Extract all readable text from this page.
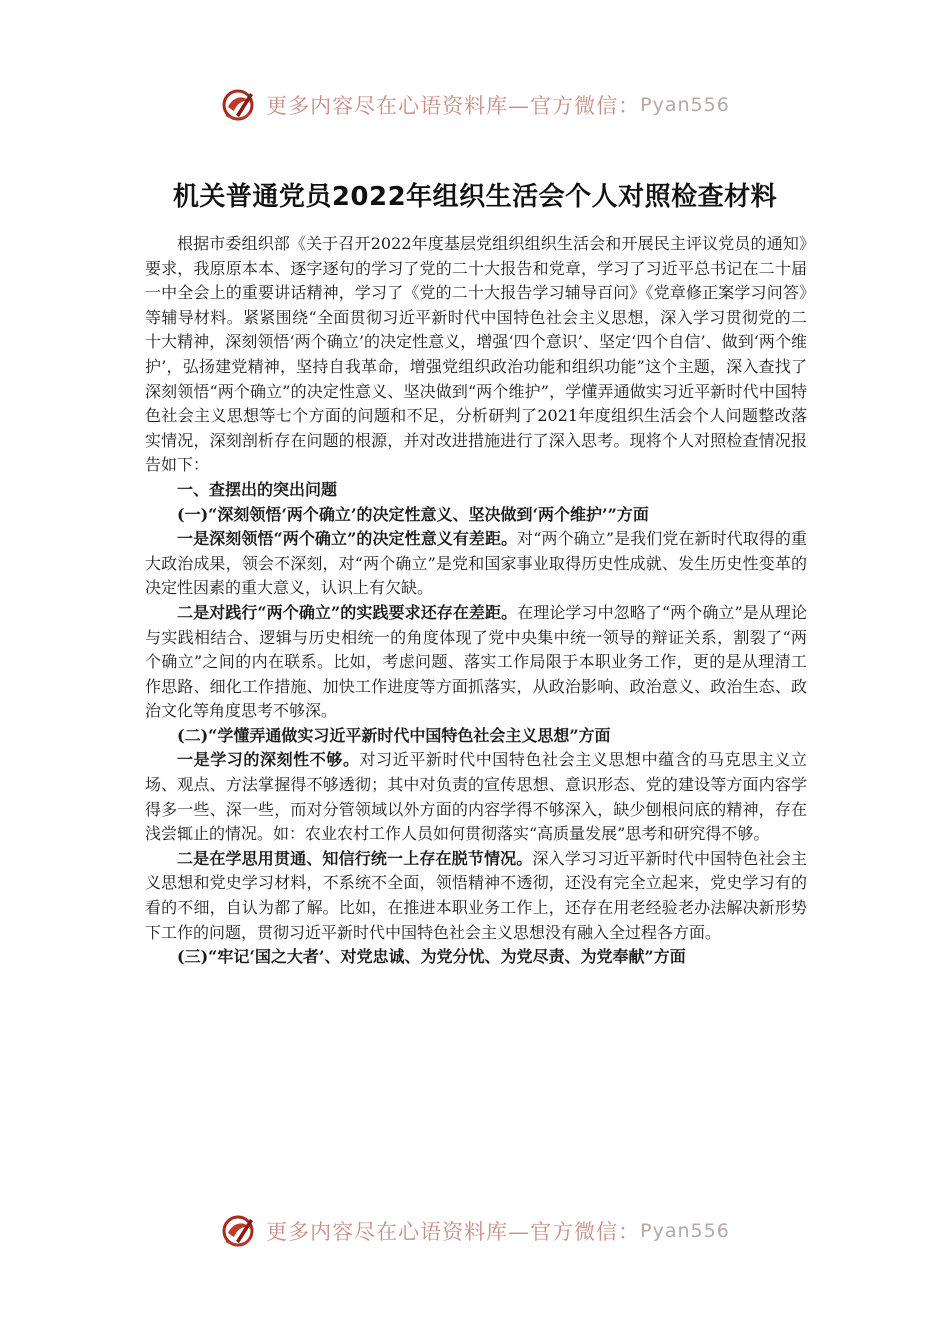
更多内容尽在心语资料库—官方微信： Pyan556
机关普通党员2022年组织生活会个人对照检查材料

根据市委组织部《关于召开2022年度基层党组织组织生活会和开展民主评议党员的通知》要求，我原原本本、逐字逐句的学习了党的二十大报告和党章，学习了习近平总书记在二十届一中全会上的重要讲话精神，学习了《党的二十大报告学习辅导百问》《党章修正案学习问答》等辅导材料。紧紧围绕“全面贯彻习近平新时代中国特色社会主义思想，深入学习贯彻党的二十大精神，深刻领悟‘两个确立’的决定性意义，增强‘四个意识’、坚定‘四个自信’、做到‘两个维护’，弘扬建党精神，坚持自我革命，增强党组织政治功能和组织功能”这个主题，深入查找了深刻领悟“两个确立”的决定性意义、坚决做到“两个维护”，学懂弄通做实习近平新时代中国特色社会主义思想等七个方面的问题和不足，分析研判了2021年度组织生活会个人问题整改落实情况，深刻剖析存在问题的根源，并对改进措施进行了深入思考。现将个人对照检查情况报告如下：

一、查摆出的突出问题

(一)“深刻领悟‘两个确立’的决定性意义、坚决做到‘两个维护’”方面

一是深刻领悟“两个确立”的决定性意义有差距。对“两个确立”是我们党在新时代取得的重大政治成果，领会不深刻，对“两个确立”是党和国家事业取得历史性成就、发生历史性变革的决定性因素的重大意义，认识上有欠缺。

二是对践行“两个确立”的实践要求还存在差距。在理论学习中忽略了“两个确立”是从理论与实践相结合、逻辑与历史相统一的角度体现了党中央集中统一领导的辩证关系，割裂了“两个确立”之间的内在联系。比如，考虑问题、落实工作局限于本职业务工作，更的是从理清工作思路、细化工作措施、加快工作进度等方面抓落实，从政治影响、政治意义、政治生态、政治文化等角度思考不够深。

(二)“学懂弄通做实习近平新时代中国特色社会主义思想”方面

一是学习的深刻性不够。对习近平新时代中国特色社会主义思想中蕴含的马克思主义立场、观点、方法掌握得不够透彻；其中对负责的宣传思想、意识形态、党的建设等方面内容学得多一些、深一些，而对分管领域以外方面的内容学得不够深入，缺少刨根问底的精神，存在浅尝辄止的情况。如：农业农村工作人员如何贯彻落实“高质量发展”思考和研究得不够。

二是在学思用贯通、知信行统一上存在脱节情况。深入学习习近平新时代中国特色社会主义思想和党史学习材料，不系统不全面，领悟精神不透彻，还没有完全立起来，党史学习有的看的不细，自认为都了解。比如，在推进本职业务工作上，还存在用老经验老办法解决新形势下工作的问题，贯彻习近平新时代中国特色社会主义思想没有融入全过程各方面。

(三)“牢记‘国之大者’、对党忠诚、为党分忧、为党尽责、为党奉献”方面

更多内容尽在心语资料库—官方微信： Pyan556
